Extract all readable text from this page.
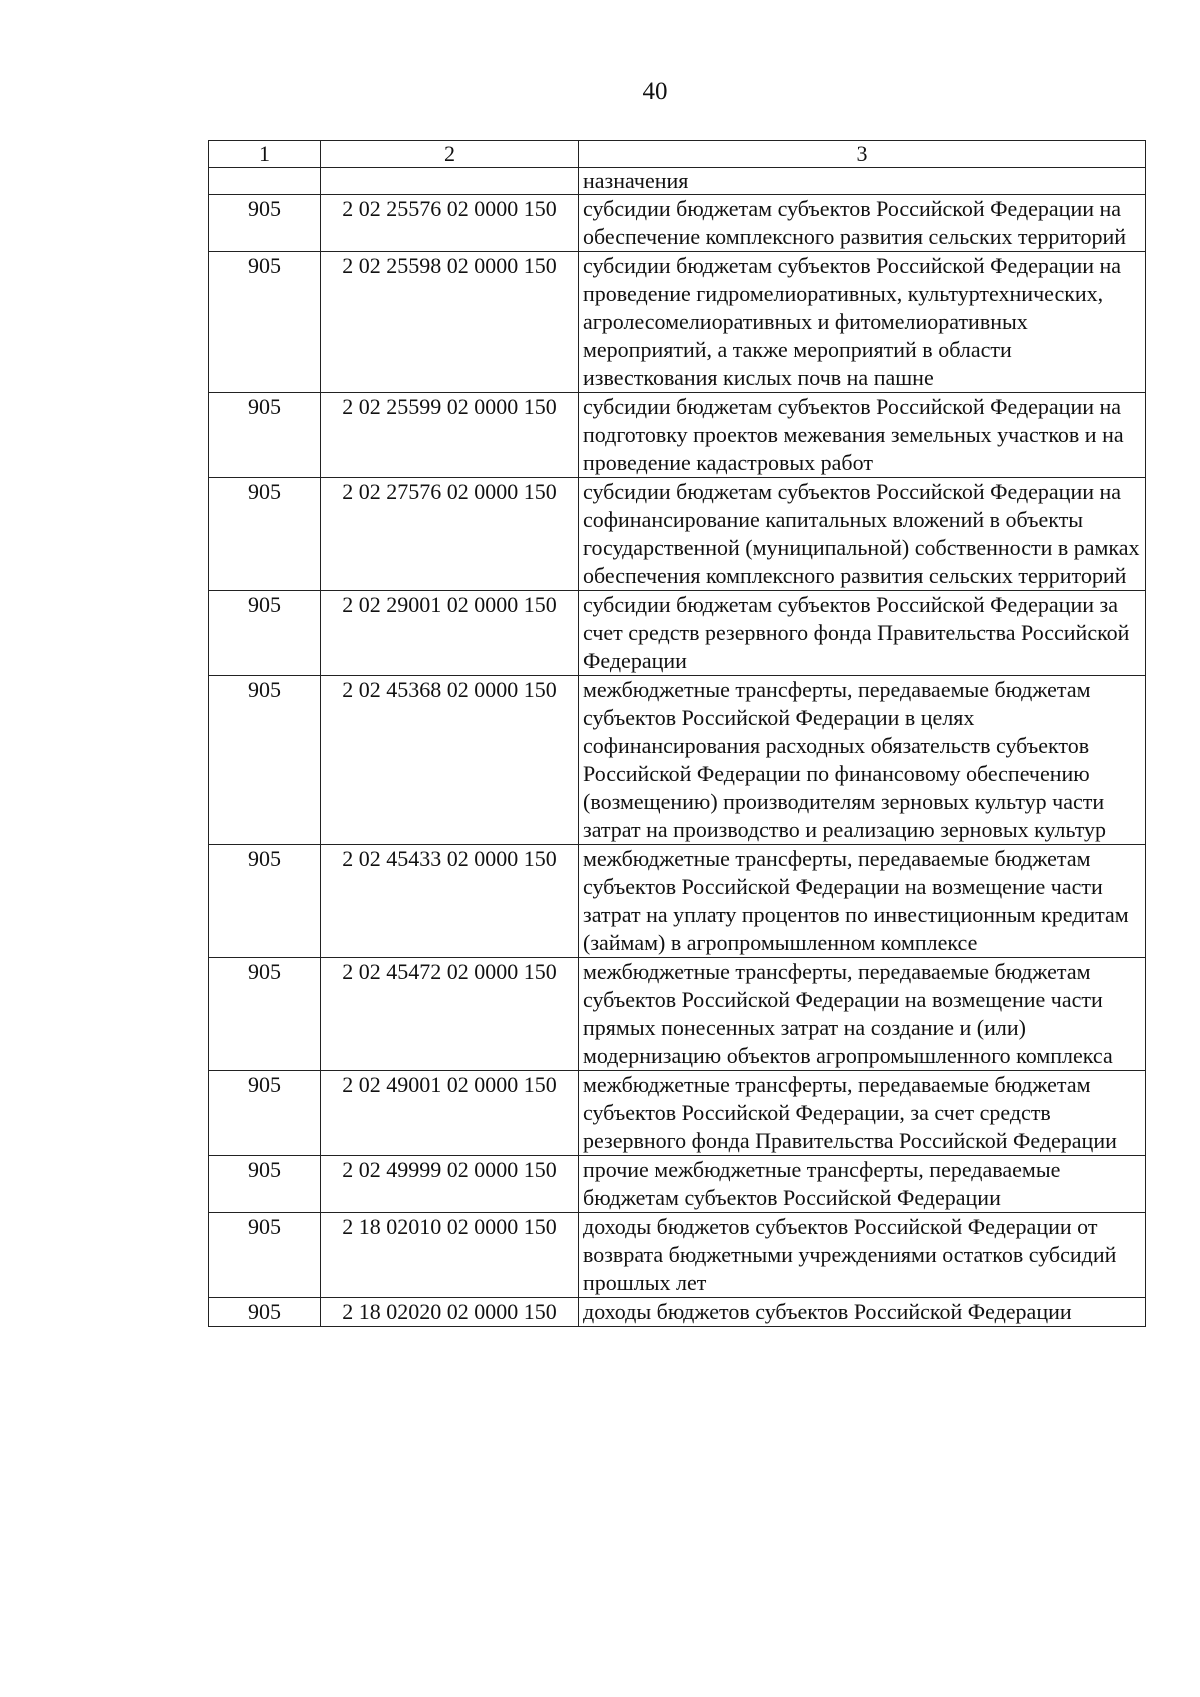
40
1	2	3
		назначения
905	2 02 25576 02 0000 150	субсидии бюджетам субъектов Российской Федерации на обеспечение комплексного развития сельских территорий
905	2 02 25598 02 0000 150	субсидии бюджетам субъектов Российской Федерации на проведение гидромелиоративных, культуртехнических, агролесомелиоративных и фитомелиоративных мероприятий, а также мероприятий в области известкования кислых почв на пашне
905	2 02 25599 02 0000 150	субсидии бюджетам субъектов Российской Федерации на подготовку проектов межевания земельных участков и на проведение кадастровых работ
905	2 02 27576 02 0000 150	субсидии бюджетам субъектов Российской Федерации на софинансирование капитальных вложений в объекты государственной (муниципальной) собственности в рамках обеспечения комплексного развития сельских территорий
905	2 02 29001 02 0000 150	субсидии бюджетам субъектов Российской Федерации за счет средств резервного фонда Правительства Российской Федерации
905	2 02 45368 02 0000 150	межбюджетные трансферты, передаваемые бюджетам субъектов Российской Федерации в целях софинансирования расходных обязательств субъектов Российской Федерации по финансовому обеспечению (возмещению) производителям зерновых культур части затрат на производство и реализацию зерновых культур
905	2 02 45433 02 0000 150	межбюджетные трансферты, передаваемые бюджетам субъектов Российской Федерации на возмещение части затрат на уплату процентов по инвестиционным кредитам (займам) в агропромышленном комплексе
905	2 02 45472 02 0000 150	межбюджетные трансферты, передаваемые бюджетам субъектов Российской Федерации на возмещение части прямых понесенных затрат на создание и (или) модернизацию объектов агропромышленного комплекса
905	2 02 49001 02 0000 150	межбюджетные трансферты, передаваемые бюджетам субъектов Российской Федерации, за счет средств резервного фонда Правительства Российской Федерации
905	2 02 49999 02 0000 150	прочие межбюджетные трансферты, передаваемые бюджетам субъектов Российской Федерации
905	2 18 02010 02 0000 150	доходы бюджетов субъектов Российской Федерации от возврата бюджетными учреждениями остатков субсидий прошлых лет
905	2 18 02020 02 0000 150	доходы бюджетов субъектов Российской Федерации
